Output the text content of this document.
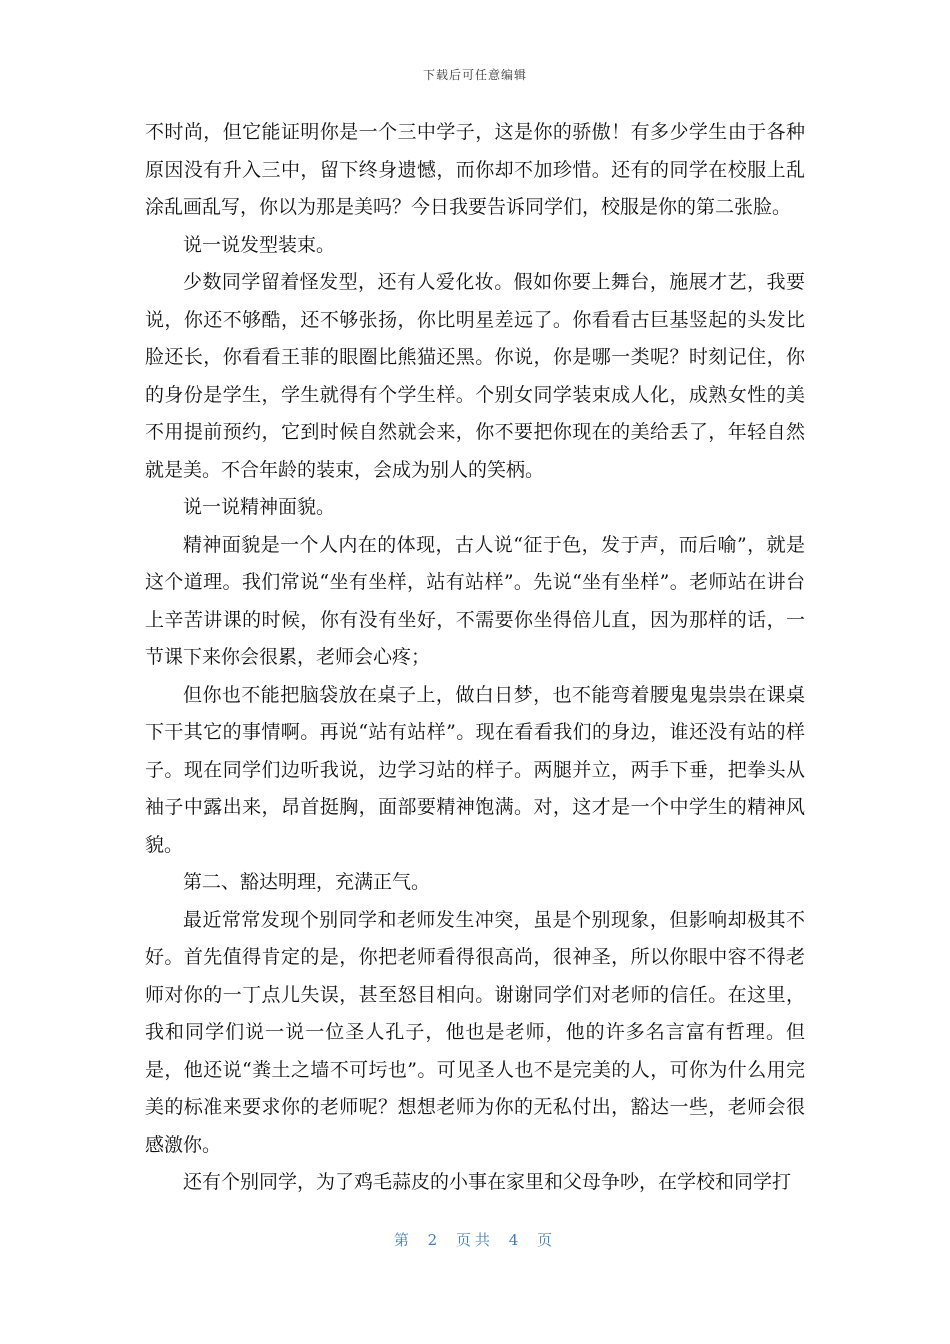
下载后可任意编辑

不时尚，但它能证明你是一个三中学子，这是你的骄傲！有多少学生由于各种原因没有升入三中，留下终身遗憾，而你却不加珍惜。还有的同学在校服上乱涂乱画乱写，你以为那是美吗？今日我要告诉同学们，校服是你的第二张脸。

说一说发型装束。

少数同学留着怪发型，还有人爱化妆。假如你要上舞台，施展才艺，我要说，你还不够酷，还不够张扬，你比明星差远了。你看看古巨基竖起的头发比脸还长，你看看王菲的眼圈比熊猫还黑。你说，你是哪一类呢？时刻记住，你的身份是学生，学生就得有个学生样。个别女同学装束成人化，成熟女性的美不用提前预约，它到时候自然就会来，你不要把你现在的美给丢了，年轻自然就是美。不合年龄的装束，会成为别人的笑柄。

说一说精神面貌。

精神面貌是一个人内在的体现，古人说“征于色，发于声，而后喻”，就是这个道理。我们常说“坐有坐样，站有站样”。先说“坐有坐样”。老师站在讲台上辛苦讲课的时候，你有没有坐好，不需要你坐得倍儿直，因为那样的话，一节课下来你会很累，老师会心疼；

但你也不能把脑袋放在桌子上，做白日梦，也不能弯着腰鬼鬼祟祟在课桌下干其它的事情啊。再说“站有站样”。现在看看我们的身边，谁还没有站的样子。现在同学们边听我说，边学习站的样子。两腿并立，两手下垂，把拳头从袖子中露出来，昂首挺胸，面部要精神饱满。对，这才是一个中学生的精神风貌。

第二、豁达明理，充满正气。

最近常常发现个别同学和老师发生冲突，虽是个别现象，但影响却极其不好。首先值得肯定的是，你把老师看得很高尚，很神圣，所以你眼中容不得老师对你的一丁点儿失误，甚至怒目相向。谢谢同学们对老师的信任。在这里，我和同学们说一说一位圣人孔子，他也是老师，他的许多名言富有哲理。但是，他还说“粪土之墙不可圬也”。可见圣人也不是完美的人，可你为什么用完美的标准来要求你的老师呢？想想老师为你的无私付出，豁达一些，老师会很感激你。

还有个别同学，为了鸡毛蒜皮的小事在家里和父母争吵，在学校和同学打

第 2 页共 4 页
